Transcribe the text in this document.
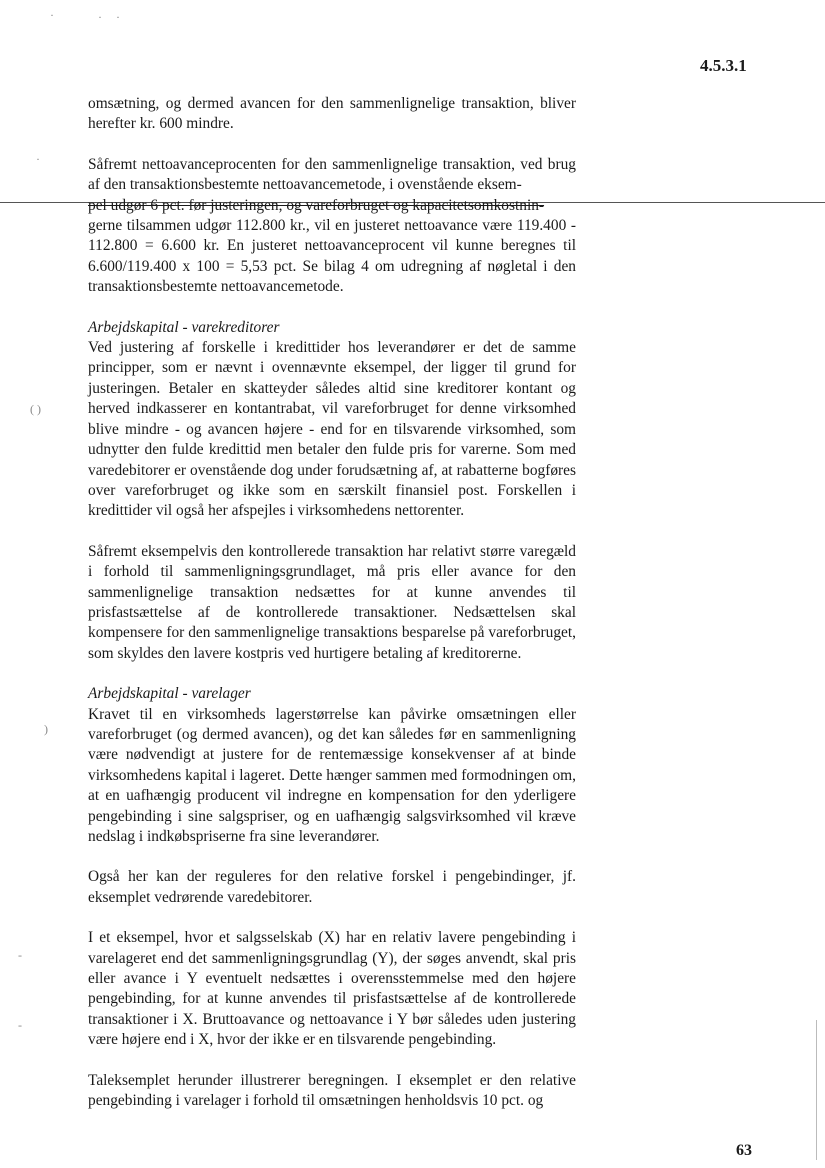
4.5.3.1
·	· ·
·
( )
)
-
-

omsætning, og dermed avancen for den sammenlignelige transaktion, bliver herefter kr. 600 mindre.

Såfremt nettoavanceprocenten for den sammenlignelige transaktion, ved brug af den transaktionsbestemte nettoavancemetode, i ovenstående eksem-

pel udgør 6 pct. før justeringen, og vareforbruget og kapacitetsomkostnin-

gerne tilsammen udgør 112.800 kr., vil en justeret nettoavance være 119.400 - 112.800 = 6.600 kr. En justeret nettoavanceprocent vil kunne beregnes til 6.600/119.400 x 100 = 5,53 pct. Se bilag 4 om udregning af nøgletal i den transaktionsbestemte nettoavancemetode.

Arbejdskapital - varekreditorer

Ved justering af forskelle i kredittider hos leverandører er det de samme principper, som er nævnt i ovennævnte eksempel, der ligger til grund for justeringen. Betaler en skatteyder således altid sine kreditorer kontant og herved indkasserer en kontantrabat, vil vareforbruget for denne virksomhed blive mindre - og avancen højere - end for en tilsvarende virksomhed, som udnytter den fulde kredittid men betaler den fulde pris for varerne. Som med varedebitorer er ovenstående dog under forudsætning af, at rabatterne bogføres over vareforbruget og ikke som en særskilt finansiel post. Forskellen i kredittider vil også her afspejles i virksomhedens nettorenter.

Såfremt eksempelvis den kontrollerede transaktion har relativt større varegæld i forhold til sammenligningsgrundlaget, må pris eller avance for den sammenlignelige transaktion nedsættes for at kunne anvendes til prisfastsættelse af de kontrollerede transaktioner. Nedsættelsen skal kompensere for den sammenlignelige transaktions besparelse på vareforbruget, som skyldes den lavere kostpris ved hurtigere betaling af kreditorerne.

Arbejdskapital - varelager

Kravet til en virksomheds lagerstørrelse kan påvirke omsætningen eller vareforbruget (og dermed avancen), og det kan således før en sammenligning være nødvendigt at justere for de rentemæssige konsekvenser af at binde virksomhedens kapital i lageret. Dette hænger sammen med formodningen om, at en uafhængig producent vil indregne en kompensation for den yderligere pengebinding i sine salgspriser, og en uafhængig salgsvirksomhed vil kræve nedslag i indkøbspriserne fra sine leverandører.

Også her kan der reguleres for den relative forskel i pengebindinger, jf. eksemplet vedrørende varedebitorer.

I et eksempel, hvor et salgsselskab (X) har en relativ lavere pengebinding i varelageret end det sammenligningsgrundlag (Y), der søges anvendt, skal pris eller avance i Y eventuelt nedsættes i overensstemmelse med den højere pengebinding, for at kunne anvendes til prisfastsættelse af de kontrollerede transaktioner i X. Bruttoavance og nettoavance i Y bør således uden justering være højere end i X, hvor der ikke er en tilsvarende pengebinding.

Taleksemplet herunder illustrerer beregningen. I eksemplet er den relative pengebinding i varelager i forhold til omsætningen henholdsvis 10 pct. og

63
